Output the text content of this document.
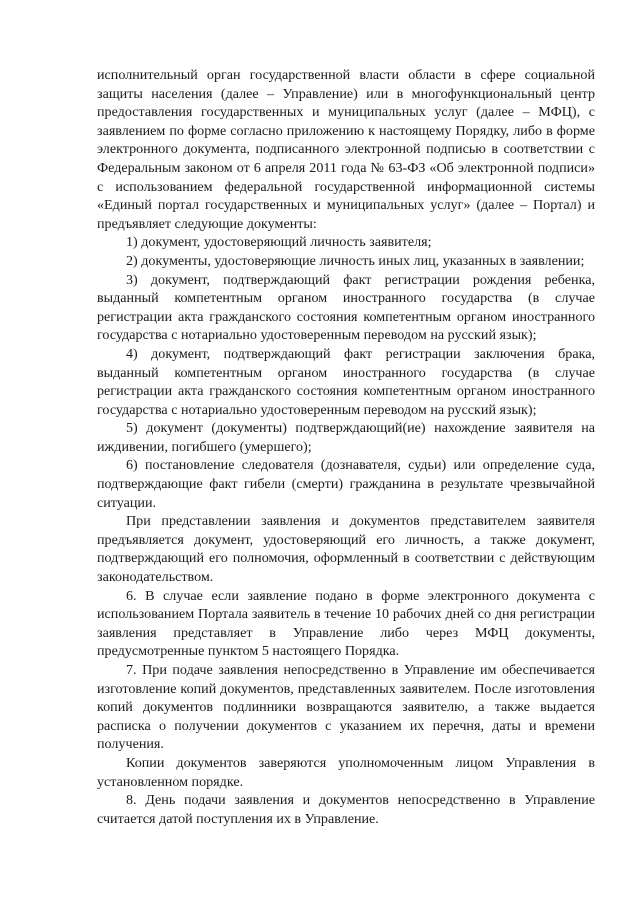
исполнительный орган государственной власти области в сфере социальной защиты населения (далее – Управление) или в многофункциональный центр предоставления государственных и муниципальных услуг (далее – МФЦ), с заявлением по форме согласно приложению к настоящему Порядку, либо в форме электронного документа, подписанного электронной подписью в соответствии с Федеральным законом от 6 апреля 2011 года № 63-ФЗ «Об электронной подписи» с использованием федеральной государственной информационной системы «Единый портал государственных и муниципальных услуг» (далее – Портал) и предъявляет следующие документы:

1) документ, удостоверяющий личность заявителя;

2) документы, удостоверяющие личность иных лиц, указанных в заявлении;

3) документ, подтверждающий факт регистрации рождения ребенка, выданный компетентным органом иностранного государства (в случае регистрации акта гражданского состояния компетентным органом иностранного государства с нотариально удостоверенным переводом на русский язык);

4) документ, подтверждающий факт регистрации заключения брака, выданный компетентным органом иностранного государства (в случае регистрации акта гражданского состояния компетентным органом иностранного государства с нотариально удостоверенным переводом на русский язык);

5) документ (документы) подтверждающий(ие) нахождение заявителя на иждивении, погибшего (умершего);

6) постановление следователя (дознавателя, судьи) или определение суда, подтверждающие факт гибели (смерти) гражданина в результате чрезвычайной ситуации.

При представлении заявления и документов представителем заявителя предъявляется документ, удостоверяющий его личность, а также документ, подтверждающий его полномочия, оформленный в соответствии с действующим законодательством.

6. В случае если заявление подано в форме электронного документа с использованием Портала заявитель в течение 10 рабочих дней со дня регистрации заявления представляет в Управление либо через МФЦ документы, предусмотренные пунктом 5 настоящего Порядка.

7. При подаче заявления непосредственно в Управление им обеспечивается изготовление копий документов, представленных заявителем. После изготовления копий документов подлинники возвращаются заявителю, а также выдается расписка о получении документов с указанием их перечня, даты и времени получения.

Копии документов заверяются уполномоченным лицом Управления в установленном порядке.

8. День подачи заявления и документов непосредственно в Управление считается датой поступления их в Управление.
